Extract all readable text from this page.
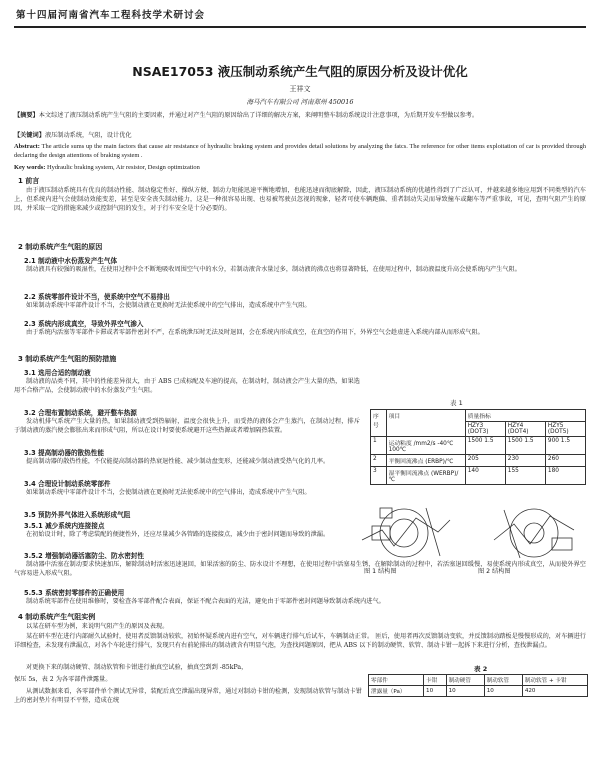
第十四届河南省汽车工程科技学术研讨会
NSAE17053 液压制动系统产生气阻的原因分析及设计优化
王祥文
海马汽车有限公司 河南郑州 450016
【摘要】本文综述了液压制动系统产生气阻的主要因素，并通过对产生气阻的原因给出了详细的解决方案，来阐明整车制动系统设计注意事项，为后期开发车型做以参考。
【关键词】液压制动系统，气阻，设计优化
Abstract: The article sums up the main factors that cause air resistance of hydraulic braking system and provides detail solutions by analyzing the fatcs. The reference for other items exploitation of car is provided through declaring the design attentions of braking system .
Key words: Hydraulic braking system, Air resistor, Design optimization
1 前言
由于液压制动系统具有优良的制动性能、制动稳定性好、操纵方便、制动力矩能迅速平衡地增加，也能迅速而彻底解除，因此，液压制动系统的优越性得到了广泛认可，并越来越多地应用到不同类型的汽车上，但系统内进气会使制动效能变差，甚至是安全丧失制动能力，这是一种很容易出现、也易被驾驶员忽视的现象，轻者可使车辆跑偏、重者制动失灵而导致撞车或翻车等严重事故，可见，查明气阻产生的原因，并采取一定的措施来减少或控制气阻的发生，对于行车安全是十分必要的。
2 制动系统产生气阻的原因
2.1 制动液中水份蒸发产生气体
制动液具有较强的吸湿性，在使用过程中会不断地吸收周围空气中的水分，若制动液含水量过多，制动液的沸点也将显著降低，在使用过程中，制动液温度升高会使系统内产生气阻。
2.2 系统零部件设计不当，使系统中空气不易排出
如果制动系统中零部件设计不当，会使制动液在更换时无法使系统中的空气排出，造成系统中产生气阻。
2.3 系统内形成真空，导致外界空气渗入
由于系统内活塞等零部件卡滞或者零部件密封不严，在系统泄压时无法及时退回，会在系统内形成真空，在真空的作用下，外界空气会趁虚进入系统内部从而形成气阻。
3 制动系统产生气阻的预防措施
3.1 选用合适的制动液
制动液的品类不同，其中的性能差异很大，由于 ABS 已成标配及车速的提高，在制动时，制动液会产生大量的热，如果选用不合格产品，会使制动液中的水份蒸发产生气阻。
3.2 合理布置制动系统，避开整车热源
发动机排气系统产生大量的热，如果制动液受到热辐射，温度会很快上升，而受热的液体会产生蒸汽，在制动过程，排斥于制动液的蒸汽便会膨胀出来而形成气阻，所以在设计时要使系统避开这些热源或者增加隔热装置。
3.3 提高制动器的散热性能
提高制动器的散热性能，不仅能提高制动器的热衰退性能、减少制动盘变形，还能减少制动液受热气化的几率。
3.4 合理设计制动系统零部件
如果制动系统中零部件设计不当，会使制动液在更换时无法使系统中的空气排出，造成系统中产生气阻。
3.5 预防外界气体进入系统形成气阻
3.5.1 减少系统内连接接点
在初始设计时，除了考虑装配的便捷性外，还应尽量减少各管路的连接接点，减少由于密封问题而导致的泄漏。
3.5.2 增强制动器活塞防尘、防水密封性
制动器中活塞在制动要求快速加压，解除制动时活塞迅速退回，如果活塞的防尘、防水设计不理想，在使用过程中活塞易生锈，在解除制动的过程中，若活塞退回缓慢，易使系统内形成真空，从而使外界空气容易进入形成气阻。
5.5.3 系统密封零部件的正确使用
制动系统零部件在使用维修时，要检查各零部件配合表面，保证不配合表面的光洁，避免由于零部件密封问题导致制动系统内进气。
4 制动系统产生气阻实例
以某在研车型为例，来说明气阻产生的原因及表现。
某在研车型在进行内部耐久试验时，使用者反馈制动较软，初始怀疑系统内进有空气，对车辆进行排气后试车，车辆制动正常。 匝后，使用者再次反馈制动变软，并反馈制动踏板是慢慢形成的，对车辆进行详细检查，未发现有泄漏点，对各个车轮进行排气，发现只有右前轮排出的制动液含有明显气泡，为查找问题原因，把从 ABS 以下的制动硬管、软管、制动卡钳一起拆下来进行分析，查找泄漏点。
对更换下来的制动硬管、制动软管和卡钳进行抽真空试验，抽真空到到 -85kPa，
保压 5s，表 2 为各零部件泄露量。
从测试数据来看，各零部件单个测试无异常，装配后真空泄漏出现异常，通过对制动卡钳的检测，发现制动软管与制动卡钳上的密封垫片有明显不平整，造成在统
表 1
序号	项目	质量指标		
		HZY3 (DOT3)	HZY4 (DOT4)	HZY5 (DOT5)
1	运动粘度 /mm2/s -40℃ 100℃	1500 1.5	1500 1.5	900 1.5
2	平衡回流沸点 (ERBP)/℃	205	230	260
3	湿平衡回流沸点 (WERBP)/℃	140	155	180
图 1 结构图	图 2 结构图
表 2
零部件	卡钳	制动硬管	制动软管	制动软管 + 卡钳
泄露量（Pa）	10	10	10	420
